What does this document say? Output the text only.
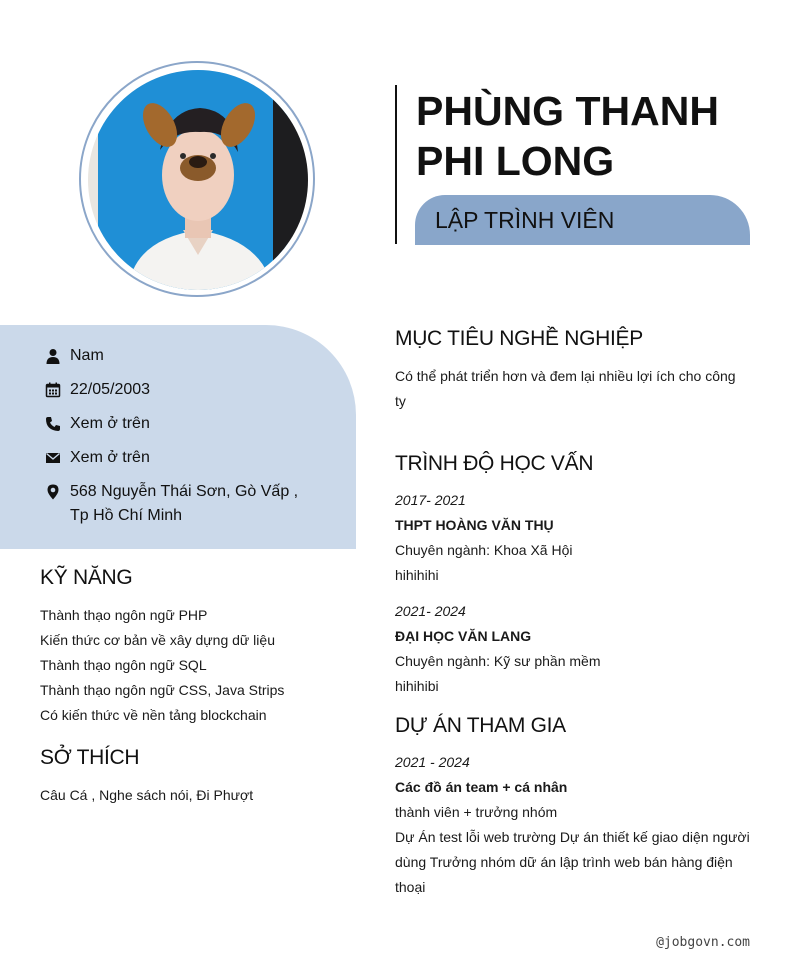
PHÙNG THANH
PHI LONG
LẬP TRÌNH VIÊN
Nam
22/05/2003
Xem ở trên
Xem ở trên
568 Nguyễn Thái Sơn, Gò Vấp ,
Tp Hồ Chí Minh
KỸ NĂNG
Thành thạo ngôn ngữ PHP
Kiến thức cơ bản về xây dựng dữ liệu
Thành thạo ngôn ngữ SQL
Thành thạo ngôn ngữ CSS, Java Strips
Có kiến thức về nền tảng blockchain
SỞ THÍCH
Câu Cá , Nghe sách nói, Đi Phượt
MỤC TIÊU NGHỀ NGHIỆP
Có thể phát triển hơn và đem lại nhiều lợi ích cho công
ty
TRÌNH ĐỘ HỌC VẤN
2017- 2021
THPT HOÀNG VĂN THỤ
Chuyên ngành: Khoa Xã Hội
hihihihi
2021- 2024
ĐẠI HỌC VĂN LANG
Chuyên ngành: Kỹ sư phần mềm
hihihibi
DỰ ÁN THAM GIA
2021 - 2024
Các đồ án team + cá nhân
thành viên + trưởng nhóm
Dự Án test lỗi web trường Dự án thiết kế giao diện người
dùng Trưởng nhóm dữ án lập trình web bán hàng điện
thoại
@jobgovn.com
